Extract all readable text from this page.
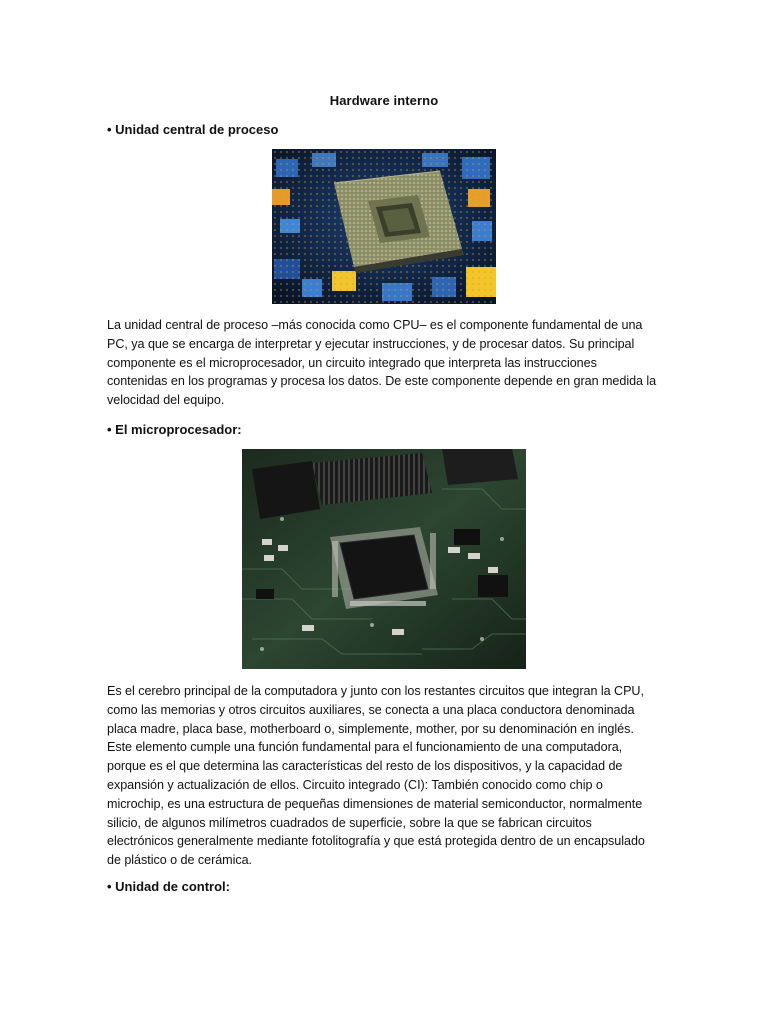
Hardware interno
• Unidad central de proceso
La unidad central de proceso –más conocida como CPU– es el componente fundamental de una
PC, ya que se encarga de interpretar y ejecutar instrucciones, y de procesar datos. Su principal
componente es el microprocesador, un circuito integrado que interpreta las instrucciones
contenidas en los programas y procesa los datos. De este componente depende en gran medida la
velocidad del equipo.
• El microprocesador:
Es el cerebro principal de la computadora y junto con los restantes circuitos que integran la CPU,
como las memorias y otros circuitos auxiliares, se conecta a una placa conductora denominada
placa madre, placa base, motherboard o, simplemente, mother, por su denominación en inglés.
Este elemento cumple una función fundamental para el funcionamiento de una computadora,
porque es el que determina las características del resto de los dispositivos, y la capacidad de
expansión y actualización de ellos. Circuito integrado (CI): También conocido como chip o
microchip, es una estructura de pequeñas dimensiones de material semiconductor, normalmente
silicio, de algunos milímetros cuadrados de superficie, sobre la que se fabrican circuitos
electrónicos generalmente mediante fotolitografía y que está protegida dentro de un encapsulado
de plástico o de cerámica.
• Unidad de control:
